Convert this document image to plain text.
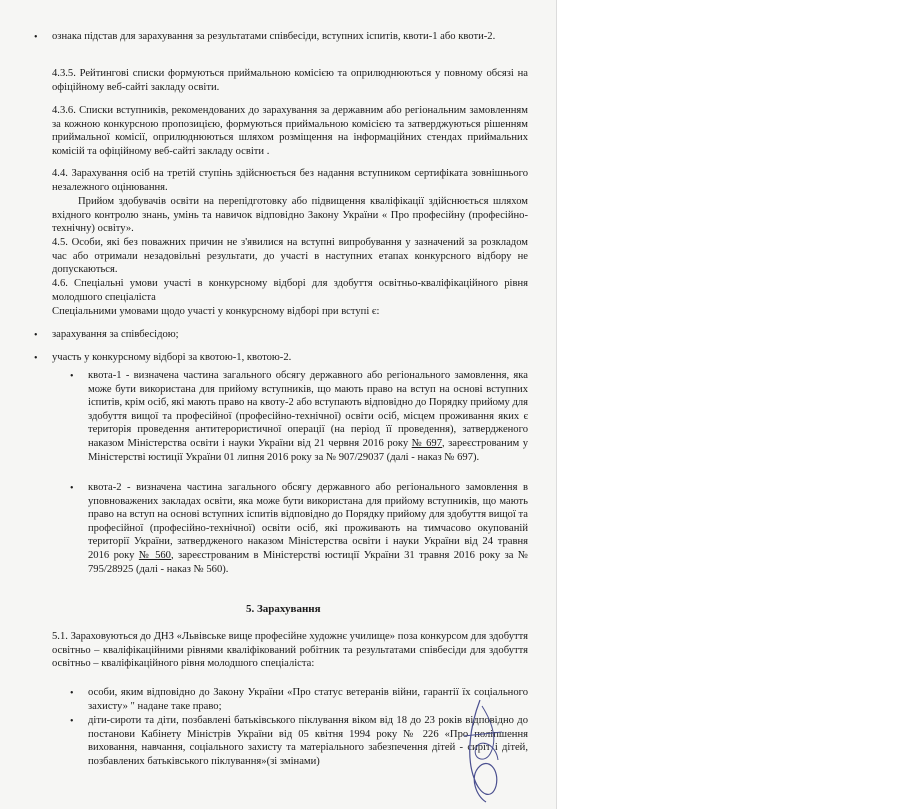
• ознака підстав для зарахування за результатами співбесіди, вступних іспитів, квоти-1 або квоти-2.

4.3.5. Рейтингові списки формуються приймальною комісією та оприлюднюються у повному обсязі на офіційному веб-сайті закладу освіти.

4.3.6. Списки вступників, рекомендованих до зарахування за державним або регіональним замовленням за кожною конкурсною пропозицією, формуються приймальною комісією та затверджуються рішенням приймальної комісії, оприлюднюються шляхом розміщення на інформаційних стендах приймальних комісій та офіційному веб-сайті закладу освіти .

4.4. Зарахування осіб на третій ступінь здійснюється без надання вступником сертифіката зовнішнього незалежного оцінювання.

Прийом здобувачів освіти на перепідготовку або підвищення кваліфікації здійснюється шляхом вхідного контролю знань, умінь та навичок відповідно Закону України « Про професійну (професійно-технічну) освіту».

4.5. Особи, які без поважних причин не з'явилися на вступні випробування у зазначений за розкладом час або отримали незадовільні результати, до участі в наступних етапах конкурсного відбору не допускаються.

4.6. Спеціальні умови участі в конкурсному відборі для здобуття освітньо-кваліфікаційного рівня молодшого спеціаліста

Спеціальними умовами щодо участі у конкурсному відборі при вступі є:

• зарахування за співбесідою;

• участь у конкурсному відборі за квотою-1, квотою-2.

• квота-1 - визначена частина загального обсягу державного або регіонального замовлення, яка може бути використана для прийому вступників, що мають право на вступ на основі вступних іспитів, крім осіб, які мають право на квоту-2 або вступають відповідно до Порядку прийому для здобуття вищої та професійної (професійно-технічної) освіти осіб, місцем проживання яких є територія проведення антитерористичної операції (на період її проведення), затвердженого наказом Міністерства освіти і науки України від 21 червня 2016 року № 697, зареєстрованим у Міністерстві юстиції України 01 липня 2016 року за № 907/29037 (далі - наказ № 697).

• квота-2 - визначена частина загального обсягу державного або регіонального замовлення в уповноважених закладах освіти, яка може бути використана для прийому вступників, що мають право на вступ на основі вступних іспитів відповідно до Порядку прийому для здобуття вищої та професійної (професійно-технічної) освіти осіб, які проживають на тимчасово окупованій території України, затвердженого наказом Міністерства освіти і науки України від 24 травня 2016 року № 560, зареєстрованим в Міністерстві юстиції України 31 травня 2016 року за № 795/28925 (далі - наказ № 560).

5. Зарахування

5.1. Зараховуються до ДНЗ «Львівське вище професійне художнє училище» поза конкурсом для здобуття освітньо – кваліфікаційними рівнями кваліфікований робітник та результатами співбесіди для здобуття освітньо – кваліфікаційного рівня молодшого спеціаліста:

• особи, яким відповідно до Закону України «Про статус ветеранів війни, гарантії їх соціального захисту» " надане таке право;

• діти-сироти та діти, позбавлені батьківського піклування віком від 18 до 23 років відповідно до постанови Кабінету Міністрів України від 05 квітня 1994 року № 226 «Про поліпшення виховання, навчання, соціального захисту та матеріального забезпечення дітей - сиріт і дітей, позбавлених батьківського піклування»(зі змінами)
